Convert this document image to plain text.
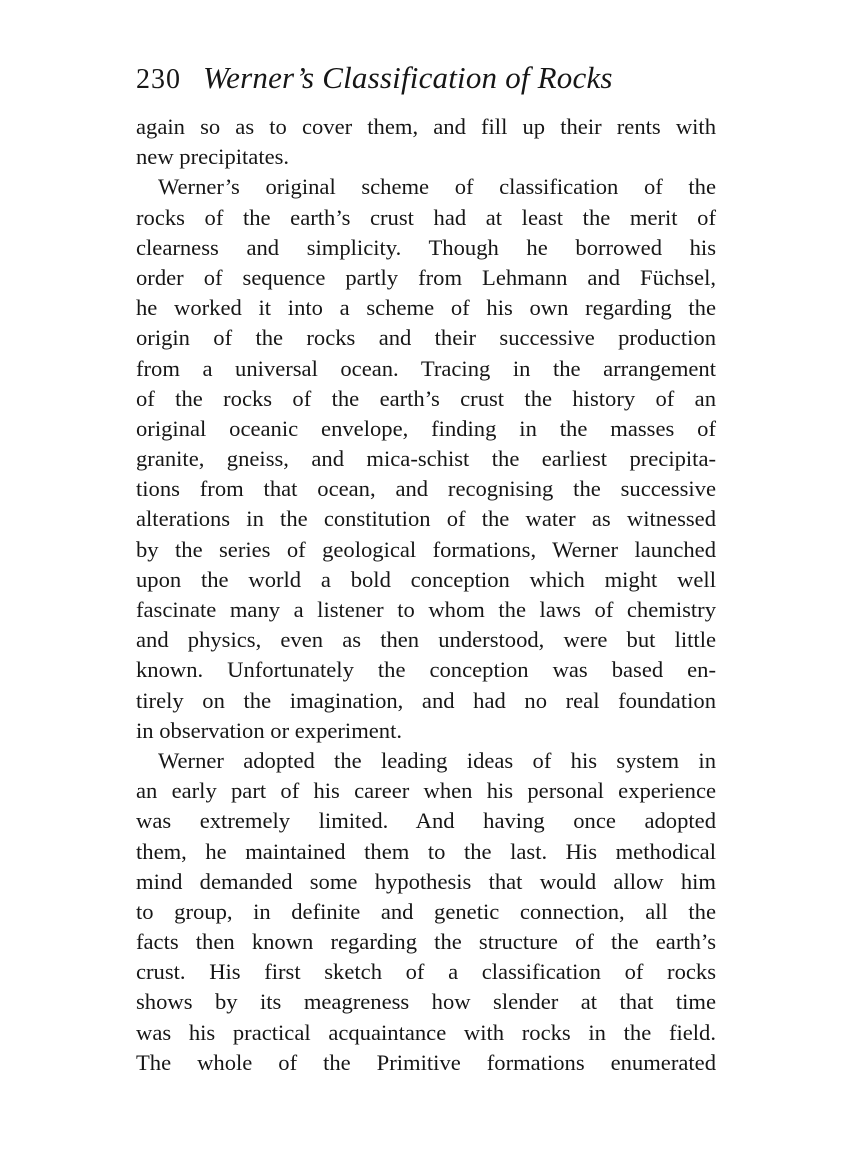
230 Werner’s Classification of Rocks
again so as to cover them, and fill up their rents with
new precipitates.
Werner’s original scheme of classification of the
rocks of the earth’s crust had at least the merit of
clearness and simplicity. Though he borrowed his
order of sequence partly from Lehmann and Füchsel,
he worked it into a scheme of his own regarding the
origin of the rocks and their successive production
from a universal ocean. Tracing in the arrangement
of the rocks of the earth’s crust the history of an
original oceanic envelope, finding in the masses of
granite, gneiss, and mica-schist the earliest precipita-
tions from that ocean, and recognising the successive
alterations in the constitution of the water as witnessed
by the series of geological formations, Werner launched
upon the world a bold conception which might well
fascinate many a listener to whom the laws of chemistry
and physics, even as then understood, were but little
known. Unfortunately the conception was based en-
tirely on the imagination, and had no real foundation
in observation or experiment.
Werner adopted the leading ideas of his system in
an early part of his career when his personal experience
was extremely limited. And having once adopted
them, he maintained them to the last. His methodical
mind demanded some hypothesis that would allow him
to group, in definite and genetic connection, all the
facts then known regarding the structure of the earth’s
crust. His first sketch of a classification of rocks
shows by its meagreness how slender at that time
was his practical acquaintance with rocks in the field.
The whole of the Primitive formations enumerated
